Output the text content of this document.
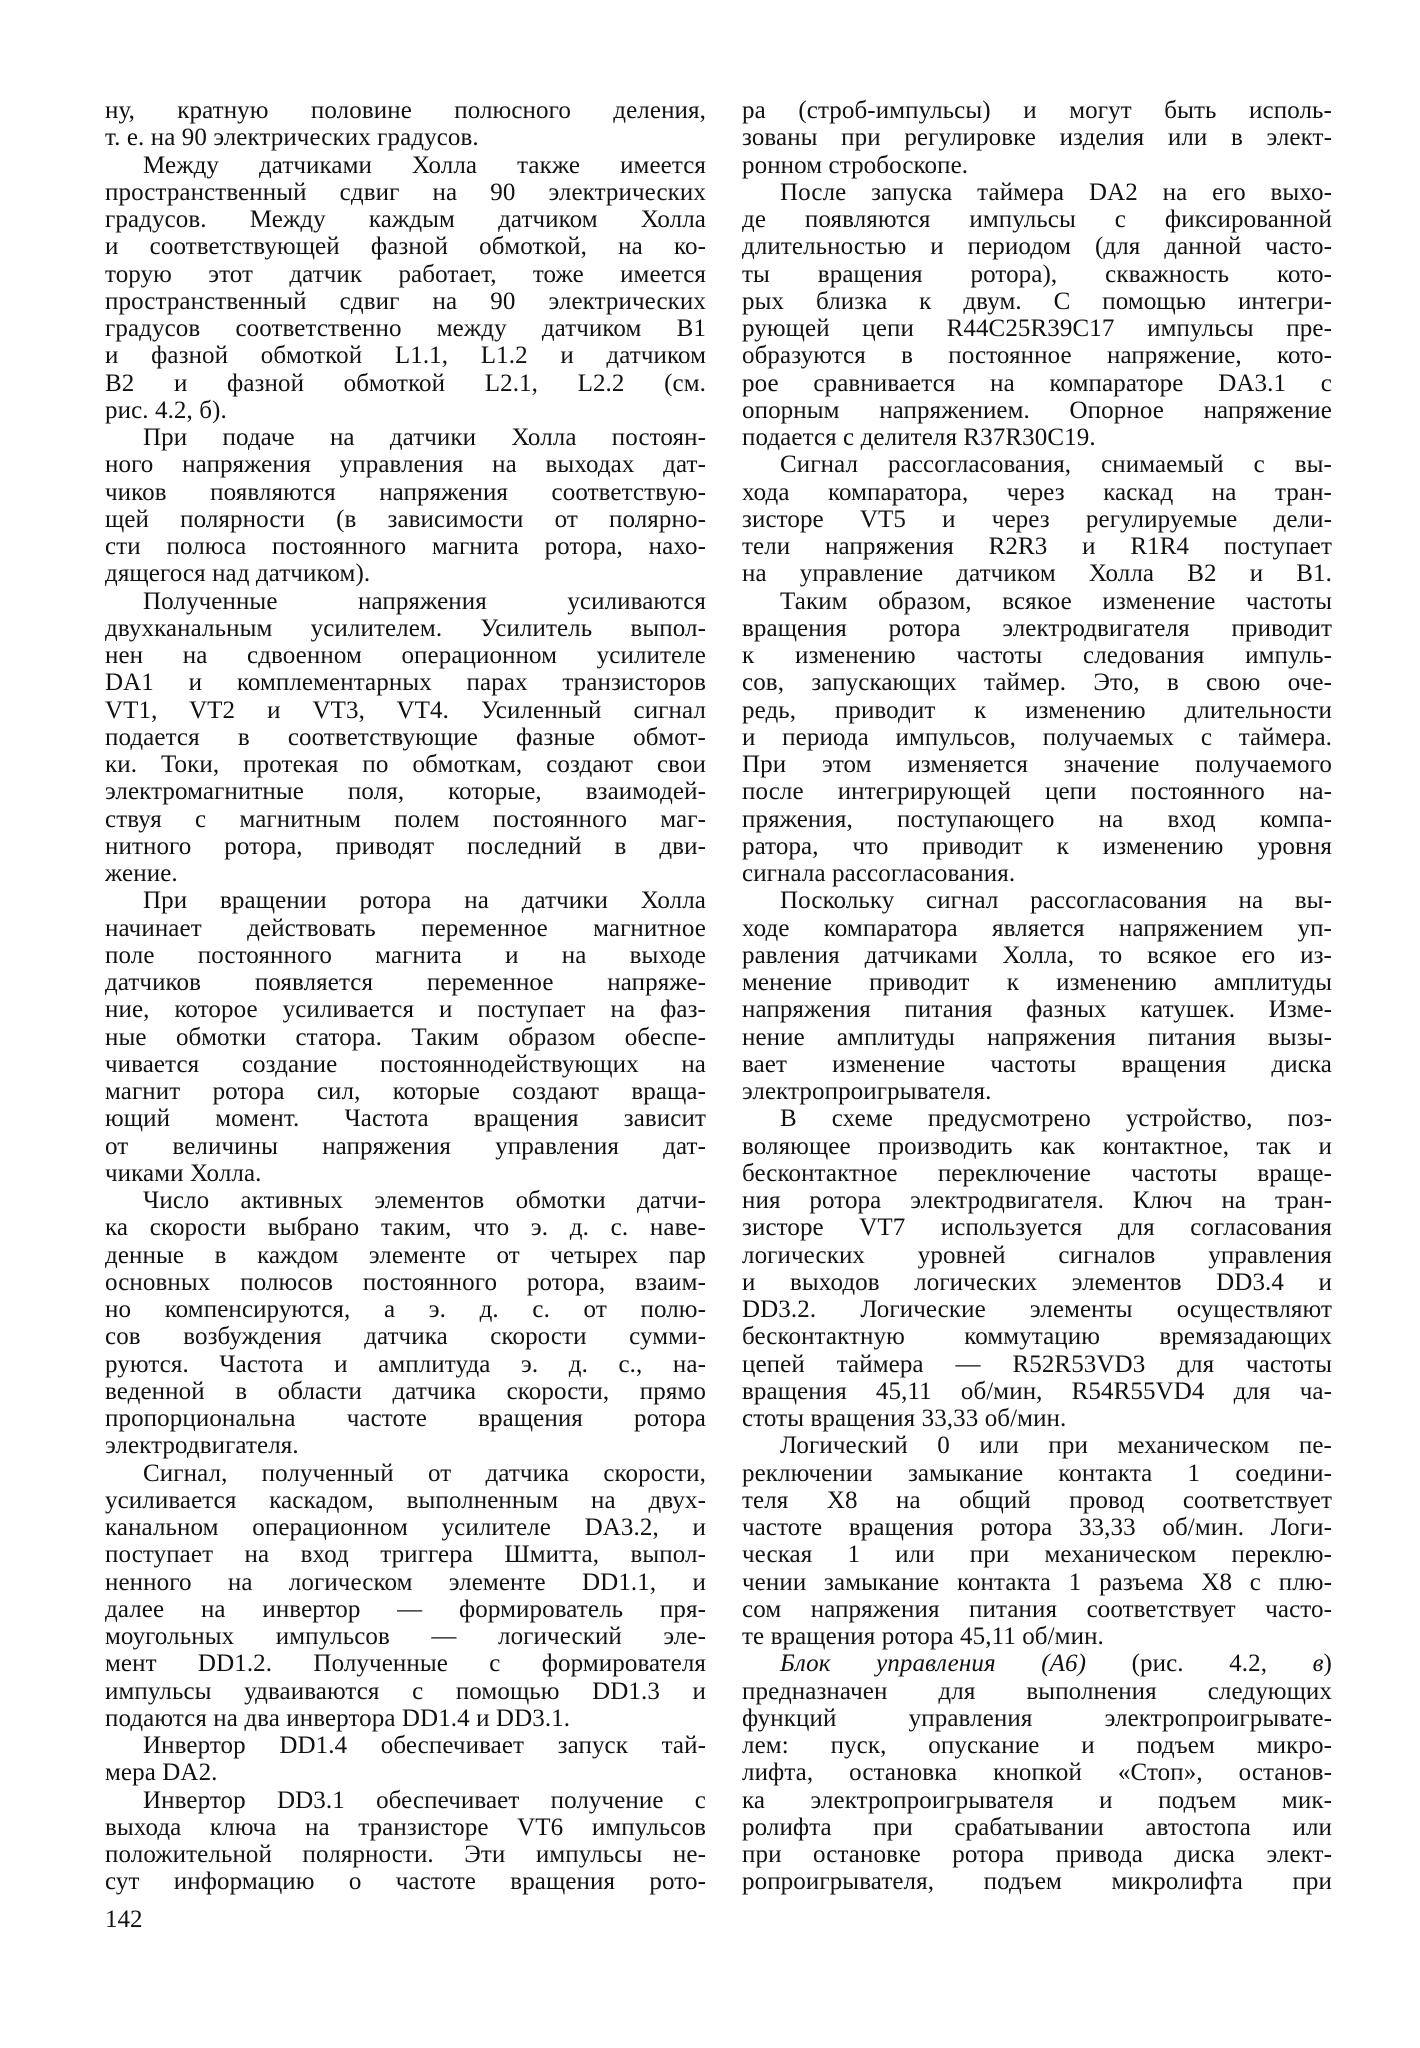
ну, кратную половине полюсного деления,
т. е. на 90 электрических градусов.
Между датчиками Холла также имеется
пространственный сдвиг на 90 электрических
градусов. Между каждым датчиком Холла
и соответствующей фазной обмоткой, на ко-
торую этот датчик работает, тоже имеется
пространственный сдвиг на 90 электрических
градусов соответственно между датчиком B1
и фазной обмоткой L1.1, L1.2 и датчиком
B2 и фазной обмоткой L2.1, L2.2 (см.
рис. 4.2, б).
При подаче на датчики Холла постоян-
ного напряжения управления на выходах дат-
чиков появляются напряжения соответствую-
щей полярности (в зависимости от полярно-
сти полюса постоянного магнита ротора, нахо-
дящегося над датчиком).
Полученные напряжения усиливаются
двухканальным усилителем. Усилитель выпол-
нен на сдвоенном операционном усилителе
DA1 и комплементарных парах транзисторов
VT1, VT2 и VT3, VT4. Усиленный сигнал
подается в соответствующие фазные обмот-
ки. Токи, протекая по обмоткам, создают свои
электромагнитные поля, которые, взаимодей-
ствуя с магнитным полем постоянного маг-
нитного ротора, приводят последний в дви-
жение.
При вращении ротора на датчики Холла
начинает действовать переменное магнитное
поле постоянного магнита и на выходе
датчиков появляется переменное напряже-
ние, которое усиливается и поступает на фаз-
ные обмотки статора. Таким образом обеспе-
чивается создание постояннодействующих на
магнит ротора сил, которые создают враща-
ющий момент. Частота вращения зависит
от величины напряжения управления дат-
чиками Холла.
Число активных элементов обмотки датчи-
ка скорости выбрано таким, что э. д. с. наве-
денные в каждом элементе от четырех пар
основных полюсов постоянного ротора, взаим-
но компенсируются, а э. д. с. от полю-
сов возбуждения датчика скорости сумми-
руются. Частота и амплитуда э. д. с., на-
веденной в области датчика скорости, прямо
пропорциональна частоте вращения ротора
электродвигателя.
Сигнал, полученный от датчика скорости,
усиливается каскадом, выполненным на двух-
канальном операционном усилителе DA3.2, и
поступает на вход триггера Шмитта, выпол-
ненного на логическом элементе DD1.1, и
далее на инвертор — формирователь пря-
моугольных импульсов — логический эле-
мент DD1.2. Полученные с формирователя
импульсы удваиваются с помощью DD1.3 и
подаются на два инвертора DD1.4 и DD3.1.
Инвертор DD1.4 обеспечивает запуск тай-
мера DA2.
Инвертор DD3.1 обеспечивает получение с
выхода ключа на транзисторе VT6 импульсов
положительной полярности. Эти импульсы не-
сут информацию о частоте вращения рото-
ра (строб-импульсы) и могут быть исполь-
зованы при регулировке изделия или в элект-
ронном стробоскопе.
После запуска таймера DA2 на его выхо-
де появляются импульсы с фиксированной
длительностью и периодом (для данной часто-
ты вращения ротора), скважность кото-
рых близка к двум. С помощью интегри-
рующей цепи R44C25R39C17 импульсы пре-
образуются в постоянное напряжение, кото-
рое сравнивается на компараторе DA3.1 с
опорным напряжением. Опорное напряжение
подается с делителя R37R30C19.
Сигнал рассогласования, снимаемый с вы-
хода компаратора, через каскад на тран-
зисторе VT5 и через регулируемые дели-
тели напряжения R2R3 и R1R4 поступает
на управление датчиком Холла B2 и B1.
Таким образом, всякое изменение частоты
вращения ротора электродвигателя приводит
к изменению частоты следования импуль-
сов, запускающих таймер. Это, в свою оче-
редь, приводит к изменению длительности
и периода импульсов, получаемых с таймера.
При этом изменяется значение получаемого
после интегрирующей цепи постоянного на-
пряжения, поступающего на вход компа-
ратора, что приводит к изменению уровня
сигнала рассогласования.
Поскольку сигнал рассогласования на вы-
ходе компаратора является напряжением уп-
равления датчиками Холла, то всякое его из-
менение приводит к изменению амплитуды
напряжения питания фазных катушек. Изме-
нение амплитуды напряжения питания вызы-
вает изменение частоты вращения диска
электропроигрывателя.
В схеме предусмотрено устройство, поз-
воляющее производить как контактное, так и
бесконтактное переключение частоты враще-
ния ротора электродвигателя. Ключ на тран-
зисторе VT7 используется для согласования
логических уровней сигналов управления
и выходов логических элементов DD3.4 и
DD3.2. Логические элементы осуществляют
бесконтактную коммутацию времязадающих
цепей таймера — R52R53VD3 для частоты
вращения 45,11 об/мин, R54R55VD4 для ча-
стоты вращения 33,33 об/мин.
Логический 0 или при механическом пе-
реключении замыкание контакта 1 соедини-
теля X8 на общий провод соответствует
частоте вращения ротора 33,33 об/мин. Логи-
ческая 1 или при механическом переклю-
чении замыкание контакта 1 разъема X8 с плю-
сом напряжения питания соответствует часто-
те вращения ротора 45,11 об/мин.
Блок управления (A6) (рис. 4.2, в)
предназначен для выполнения следующих
функций управления электропроигрывате-
лем: пуск, опускание и подъем микро-
лифта, остановка кнопкой «Стоп», останов-
ка электропроигрывателя и подъем мик-
ролифта при срабатывании автостопа или
при остановке ротора привода диска элект-
ропроигрывателя, подъем микролифта при
142
